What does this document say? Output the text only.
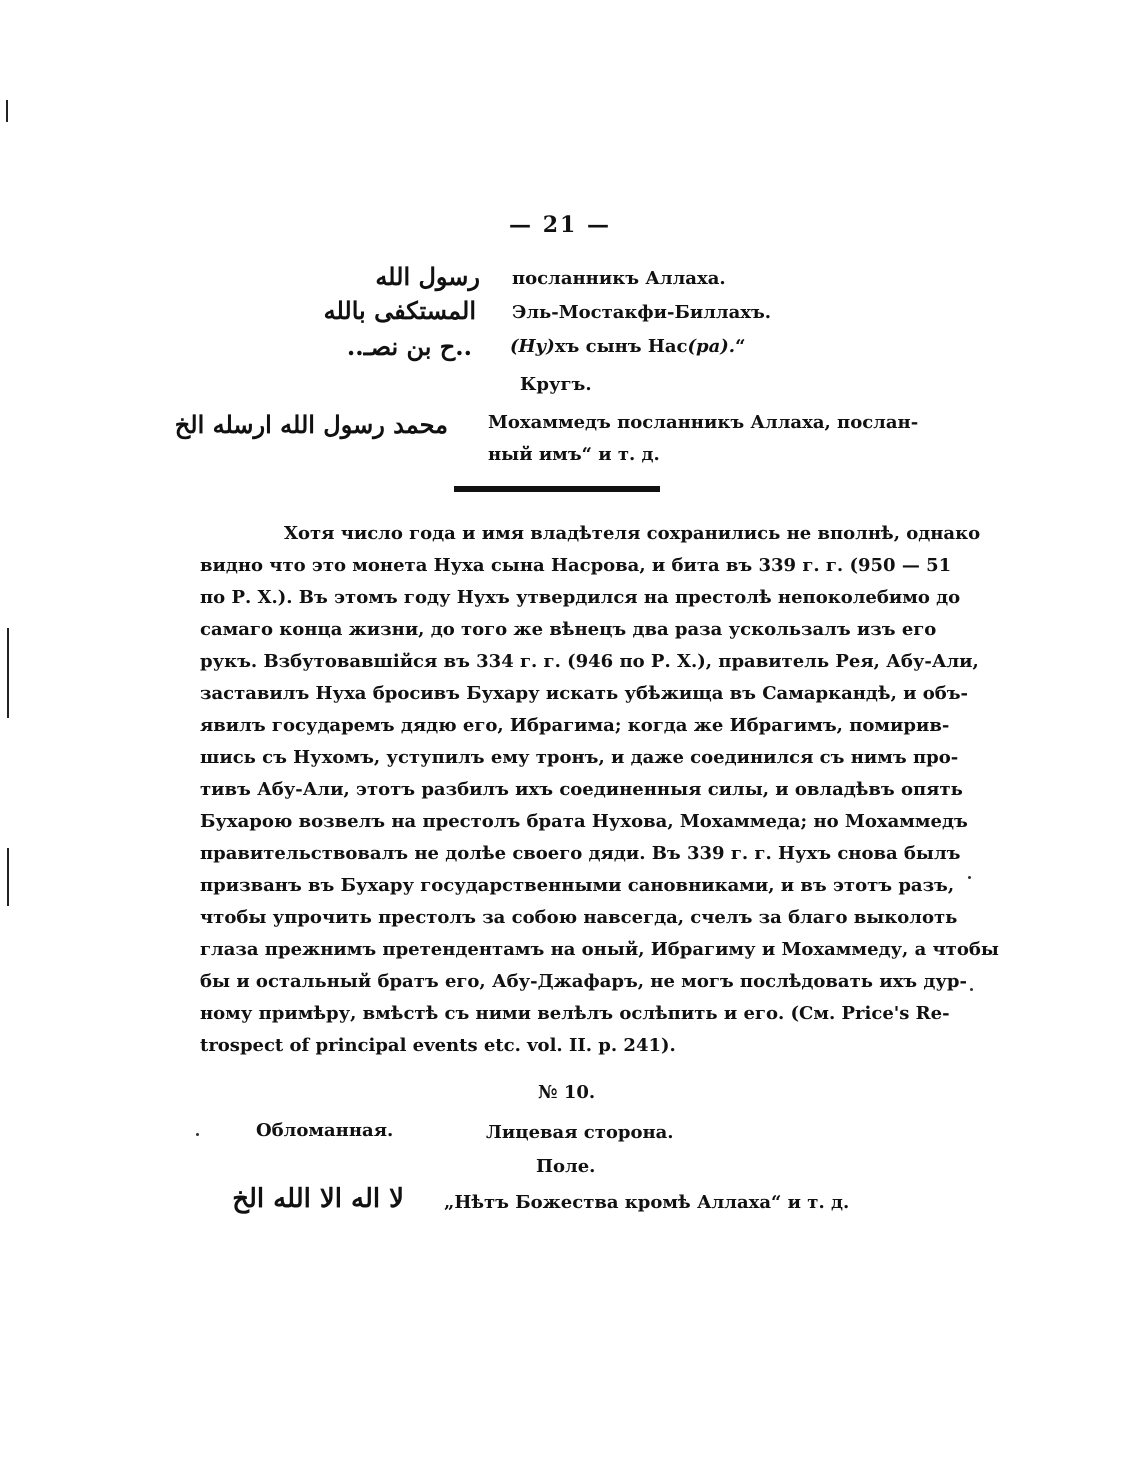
— 21 —
رسول الله посланникъ Аллаха.
المستكفى بالله Эль-Мостакфи-Биллахъ.
..ح بن نصـ.. (Ну)хъ сынъ Нас(ра).“
Кругъ.
محمد رسول الله ارسله الخ Мохаммедъ посланникъ Аллаха, послан-
ный имъ“ и т. д.
Хотя число года и имя владѣтеля сохранились не вполнѣ, однако
видно что это монета Нуха сына Насрова, и бита въ 339 г. г. (950 — 51
по Р. Х.). Въ этомъ году Нухъ утвердился на престолѣ непоколебимо до
самаго конца жизни, до того же вѣнецъ два раза ускользалъ изъ его
рукъ. Взбутовавшійся въ 334 г. г. (946 по Р. Х.), правитель Рея, Абу-Али,
заставилъ Нуха бросивъ Бухару искать убѣжища въ Самаркандѣ, и объ-
явилъ государемъ дядю его, Ибрагима; когда же Ибрагимъ, помирив-
шись съ Нухомъ, уступилъ ему тронъ, и даже соединился съ нимъ про-
тивъ Абу-Али, этотъ разбилъ ихъ соединенныя силы, и овладѣвъ опять
Бухарою возвелъ на престолъ брата Нухова, Мохаммеда; но Мохаммедъ
правительствовалъ не долѣе своего дяди. Въ 339 г. г. Нухъ снова былъ
призванъ въ Бухару государственными сановниками, и въ этотъ разъ,
чтобы упрочить престолъ за собою навсегда, счелъ за благо выколоть
глаза прежнимъ претендентамъ на оный, Ибрагиму и Мохаммеду, а чтобы
бы и остальный братъ его, Абу-Джафаръ, не могъ послѣдовать ихъ дур-
ному примѣру, вмѣстѣ съ ними велѣлъ ослѣпить и его. (См. Price's Re-
trospect of principal events etc. vol. II. p. 241).
№ 10.
Обломанная.	Лицевая сторона.
Поле.
لا اله الا الله الخ „Нѣтъ Божества кромѣ Аллаха“ и т. д.
